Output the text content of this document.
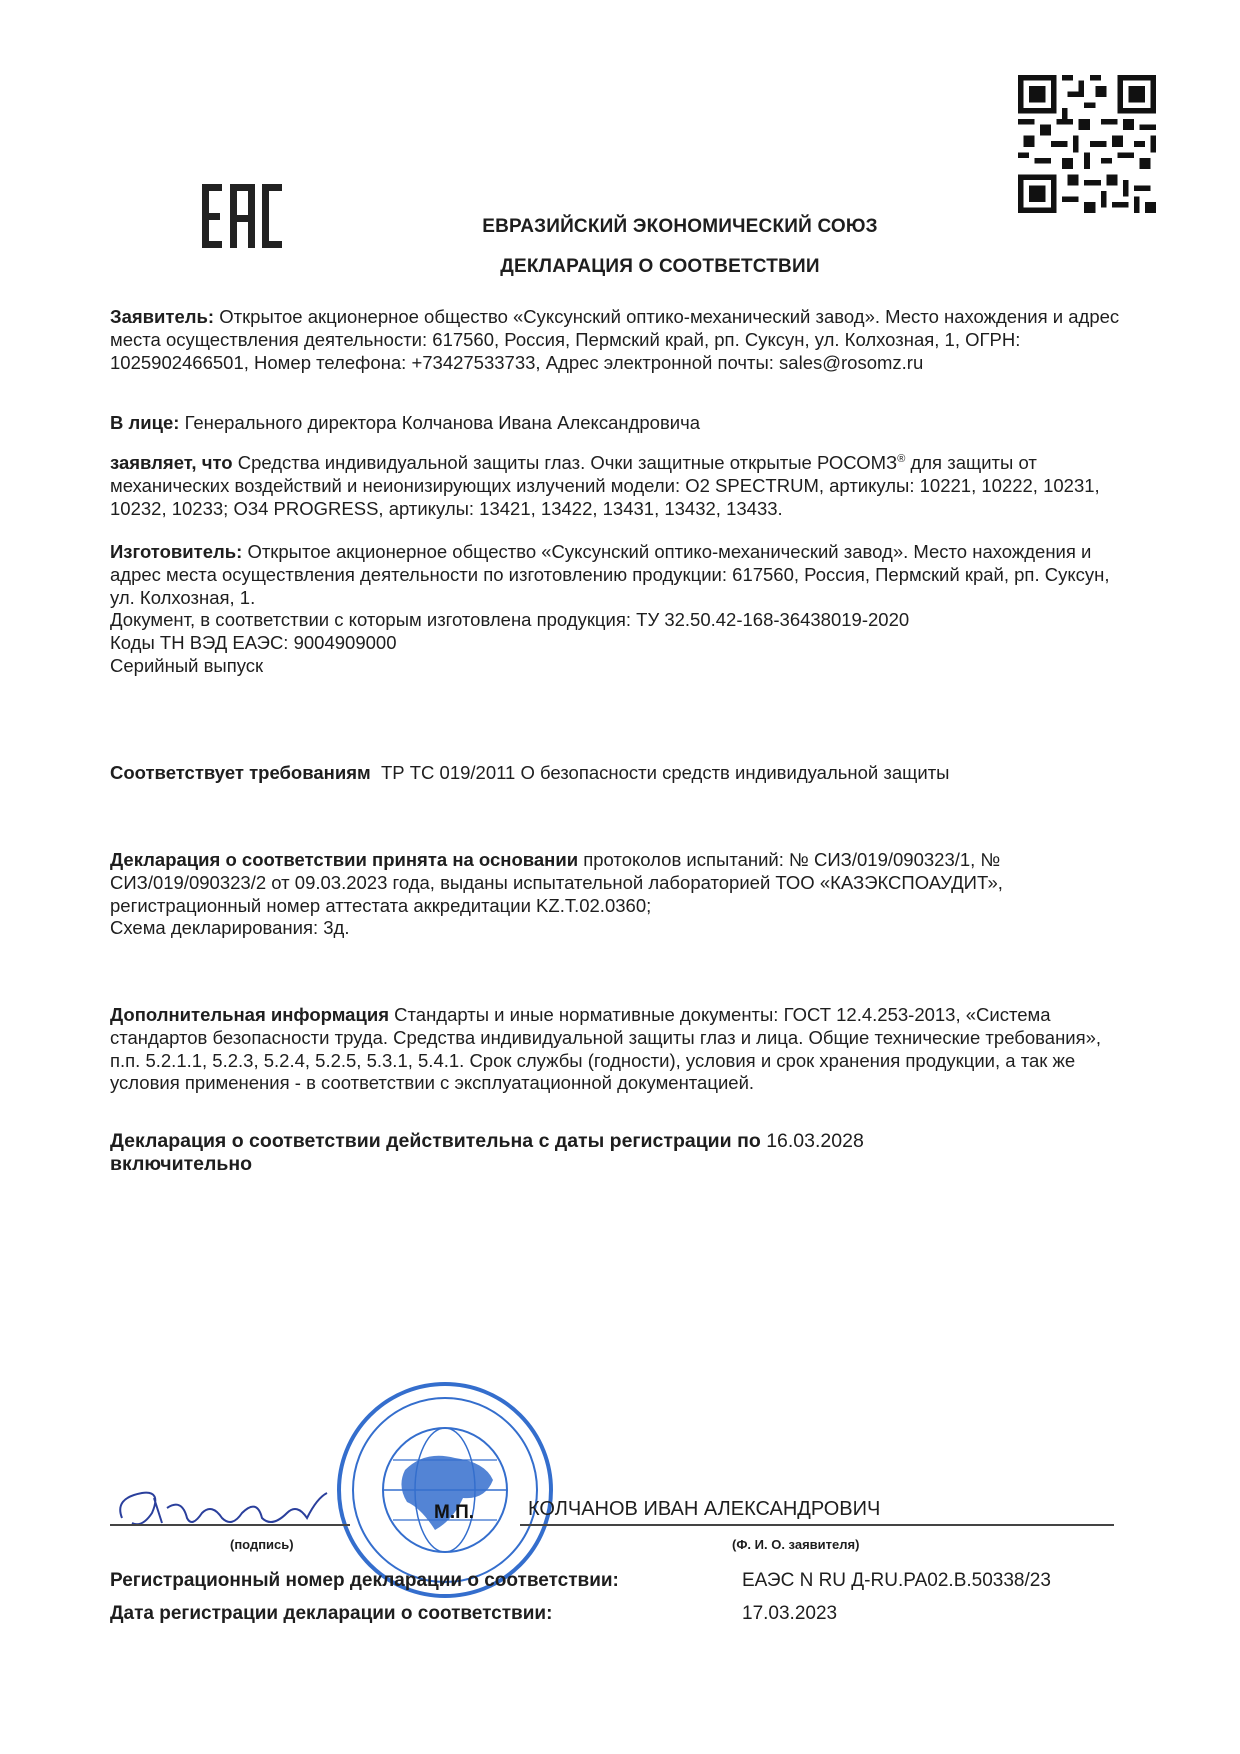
ЕВРАЗИЙСКИЙ ЭКОНОМИЧЕСКИЙ СОЮЗ
ДЕКЛАРАЦИЯ О СООТВЕТСТВИИ

Заявитель: Открытое акционерное общество «Суксунский оптико-механический завод». Место нахождения и адрес места осуществления деятельности: 617560, Россия, Пермский край, рп. Суксун, ул. Колхозная, 1, ОГРН: 1025902466501, Номер телефона: +73427533733, Адрес электронной почты: sales@rosomz.ru

В лице: Генерального директора Колчанова Ивана Александровича

заявляет, что Средства индивидуальной защиты глаз. Очки защитные открытые РОСОМЗ® для защиты от механических воздействий и неионизирующих излучений модели: O2 SPECTRUM, артикулы: 10221, 10222, 10231, 10232, 10233; O34 PROGRESS, артикулы: 13421, 13422, 13431, 13432, 13433.

Изготовитель: Открытое акционерное общество «Суксунский оптико-механический завод». Место нахождения и адрес места осуществления деятельности по изготовлению продукции: 617560, Россия, Пермский край, рп. Суксун, ул. Колхозная, 1.

Документ, в соответствии с которым изготовлена продукция: ТУ 32.50.42-168-36438019-2020

Коды ТН ВЭД ЕАЭС: 9004909000

Серийный выпуск

Соответствует требованиям ТР ТС 019/2011 О безопасности средств индивидуальной защиты

Декларация о соответствии принята на основании протоколов испытаний: № СИЗ/019/090323/1, № СИЗ/019/090323/2 от 09.03.2023 года, выданы испытательной лабораторией ТОО «КАЗЭКСПОАУДИТ», регистрационный номер аттестата аккредитации KZ.T.02.0360;

Схема декларирования: 3д.

Дополнительная информация Стандарты и иные нормативные документы: ГОСТ 12.4.253-2013, «Система стандартов безопасности труда. Средства индивидуальной защиты глаз и лица. Общие технические требования», п.п. 5.2.1.1, 5.2.3, 5.2.4, 5.2.5, 5.3.1, 5.4.1. Срок службы (годности), условия и срок хранения продукции, а так же условия применения - в соответствии с эксплуатационной документацией.

Декларация о соответствии действительна с даты регистрации по 16.03.2028

включительно

М.П.	КОЛЧАНОВ ИВАН АЛЕКСАНДРОВИЧ
(подпись)	(Ф. И. О. заявителя)
Регистрационный номер декларации о соответствии:	ЕАЭС N RU Д-RU.РА02.В.50338/23
Дата регистрации декларации о соответствии:	17.03.2023
